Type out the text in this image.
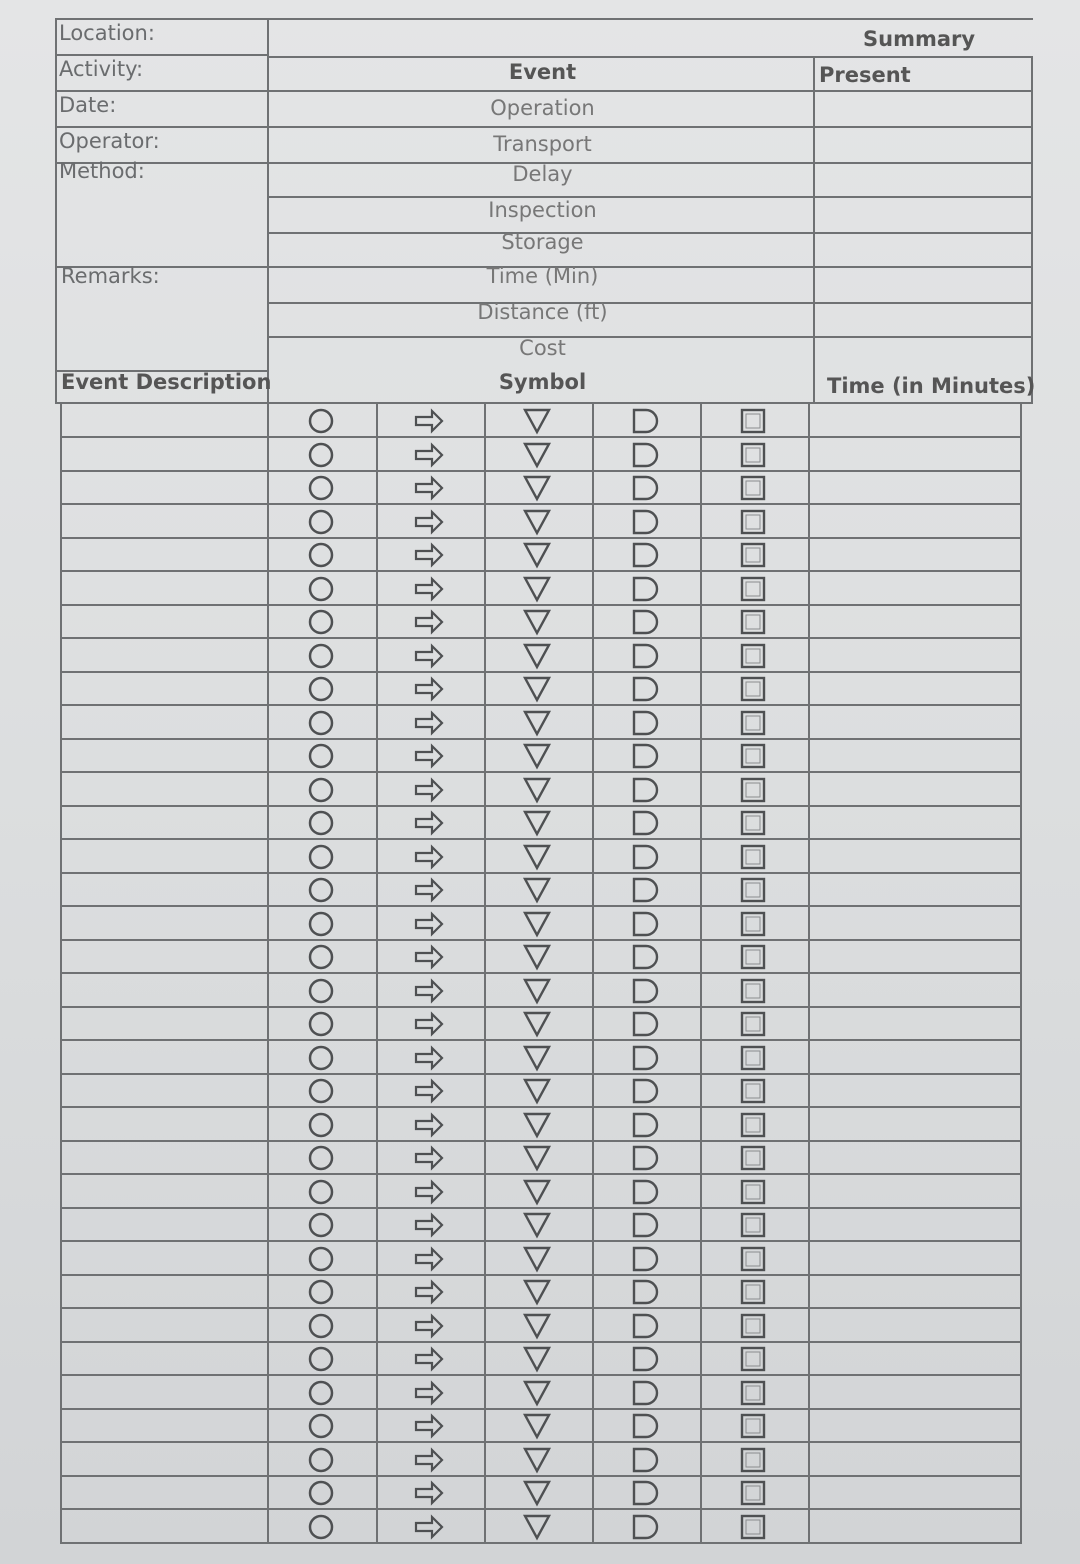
Location:
Activity:
Date:
Operator:
Method:
Remarks:
Event Description
Event
Operation
Transport
Delay
Inspection
Storage
Time (Min)
Distance (ft)
Cost
Symbol
Summary
Present
Time (in Minutes)
